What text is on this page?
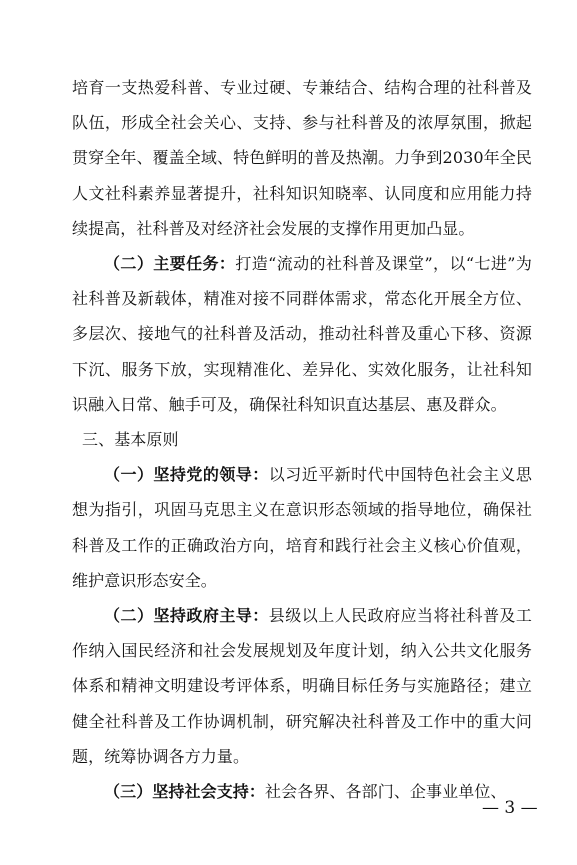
培育一支热爱科普、专业过硬、专兼结合、结构合理的社科普及队伍，形成全社会关心、支持、参与社科普及的浓厚氛围，掀起贯穿全年、覆盖全域、特色鲜明的普及热潮。力争到2030年全民人文社科素养显著提升，社科知识知晓率、认同度和应用能力持续提高，社科普及对经济社会发展的支撑作用更加凸显。

（二）主要任务：打造“流动的社科普及课堂”，以“七进”为社科普及新载体，精准对接不同群体需求，常态化开展全方位、多层次、接地气的社科普及活动，推动社科普及重心下移、资源下沉、服务下放，实现精准化、差异化、实效化服务，让社科知识融入日常、触手可及，确保社科知识直达基层、惠及群众。

三、基本原则

（一）坚持党的领导：以习近平新时代中国特色社会主义思想为指引，巩固马克思主义在意识形态领域的指导地位，确保社科普及工作的正确政治方向，培育和践行社会主义核心价值观，维护意识形态安全。

（二）坚持政府主导：县级以上人民政府应当将社科普及工作纳入国民经济和社会发展规划及年度计划，纳入公共文化服务体系和精神文明建设考评体系，明确目标任务与实施路径；建立健全社科普及工作协调机制，研究解决社科普及工作中的重大问题，统筹协调各方力量。

（三）坚持社会支持：社会各界、各部门、企事业单位、

— 3 —
